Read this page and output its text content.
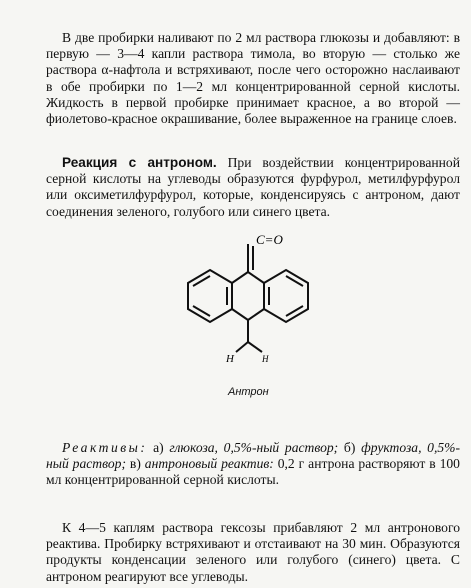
В две пробирки наливают по 2 мл раствора глюкозы и добавляют: в первую — 3—4 капли раствора тимола, во вторую — столько же раствора α-нафтола и встряхивают, после чего осторожно наслаивают в обе пробирки по 1—2 мл концентрированной серной кислоты. Жидкость в первой пробирке принимает красное, а во второй — фиолетово-красное окрашивание, более выраженное на границе слоев.

Реакция с антроном. При воздействии концентрированной серной кислоты на углеводы образуются фурфурол, метилфурфурол или оксиметилфурфурол, которые, конденсируясь с антроном, дают соединения зеленого, голубого или синего цвета.

C=O
H	H
Антрон

Реактивы: а) глюкоза, 0,5%-ный раствор; б) фруктоза, 0,5%-ный раствор; в) антроновый реактив: 0,2 г антрона растворяют в 100 мл концентрированной серной кислоты.

К 4—5 каплям раствора гексозы прибавляют 2 мл антронового реактива. Пробирку встряхивают и отстаивают на 30 мин. Образуются продукты конденсации зеленого или голубого (синего) цвета. С антроном реагируют все углеводы.
